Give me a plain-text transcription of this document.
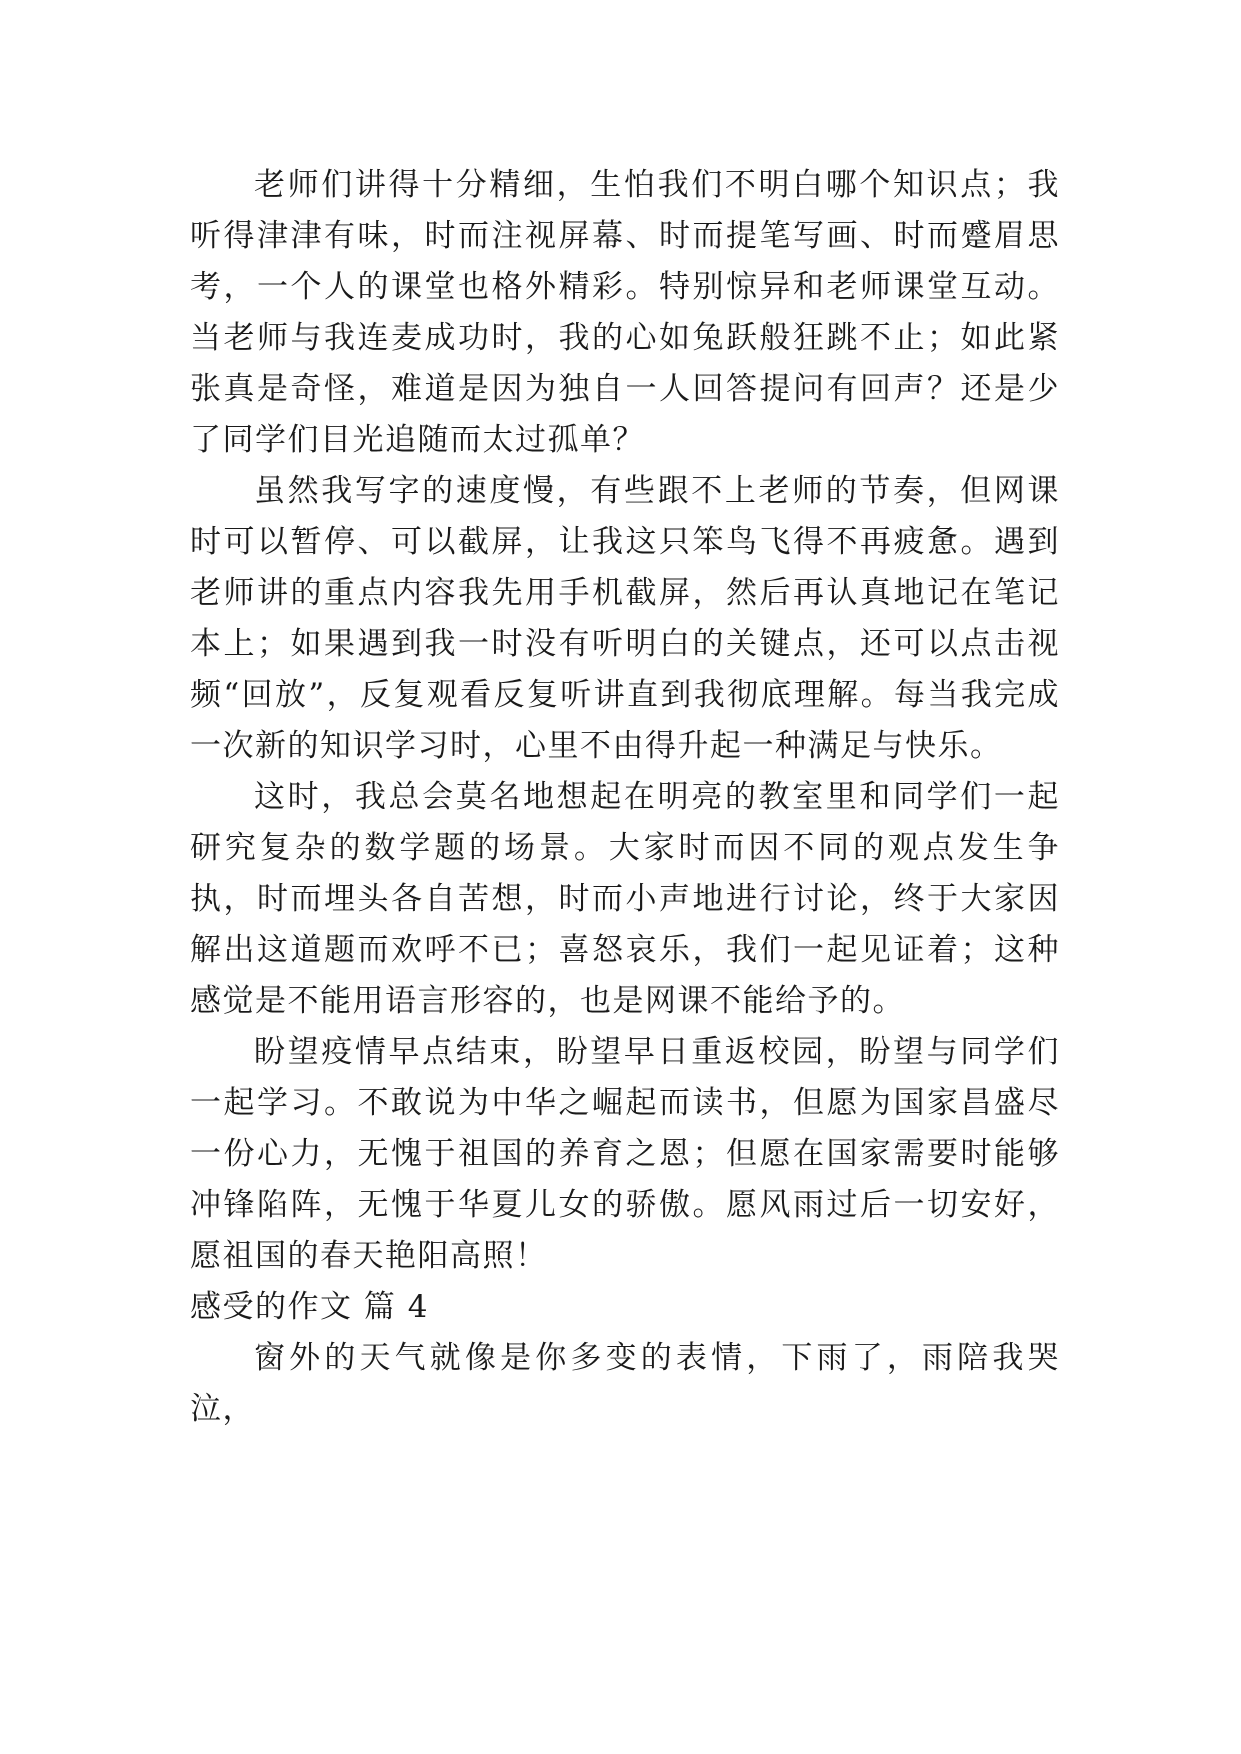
老师们讲得十分精细，生怕我们不明白哪个知识点；我听得津津有味，时而注视屏幕、时而提笔写画、时而蹙眉思考，一个人的课堂也格外精彩。特别惊异和老师课堂互动。当老师与我连麦成功时，我的心如兔跃般狂跳不止；如此紧张真是奇怪，难道是因为独自一人回答提问有回声？还是少了同学们目光追随而太过孤单？

虽然我写字的速度慢，有些跟不上老师的节奏，但网课时可以暂停、可以截屏，让我这只笨鸟飞得不再疲惫。遇到老师讲的重点内容我先用手机截屏，然后再认真地记在笔记本上；如果遇到我一时没有听明白的关键点，还可以点击视频“回放”，反复观看反复听讲直到我彻底理解。每当我完成一次新的知识学习时，心里不由得升起一种满足与快乐。

这时，我总会莫名地想起在明亮的教室里和同学们一起研究复杂的数学题的场景。大家时而因不同的观点发生争执，时而埋头各自苦想，时而小声地进行讨论，终于大家因解出这道题而欢呼不已；喜怒哀乐，我们一起见证着；这种感觉是不能用语言形容的，也是网课不能给予的。

盼望疫情早点结束，盼望早日重返校园，盼望与同学们一起学习。不敢说为中华之崛起而读书，但愿为国家昌盛尽一份心力，无愧于祖国的养育之恩；但愿在国家需要时能够冲锋陷阵，无愧于华夏儿女的骄傲。愿风雨过后一切安好，愿祖国的春天艳阳高照！

感受的作文 篇 4

窗外的天气就像是你多变的表情，下雨了，雨陪我哭泣，
